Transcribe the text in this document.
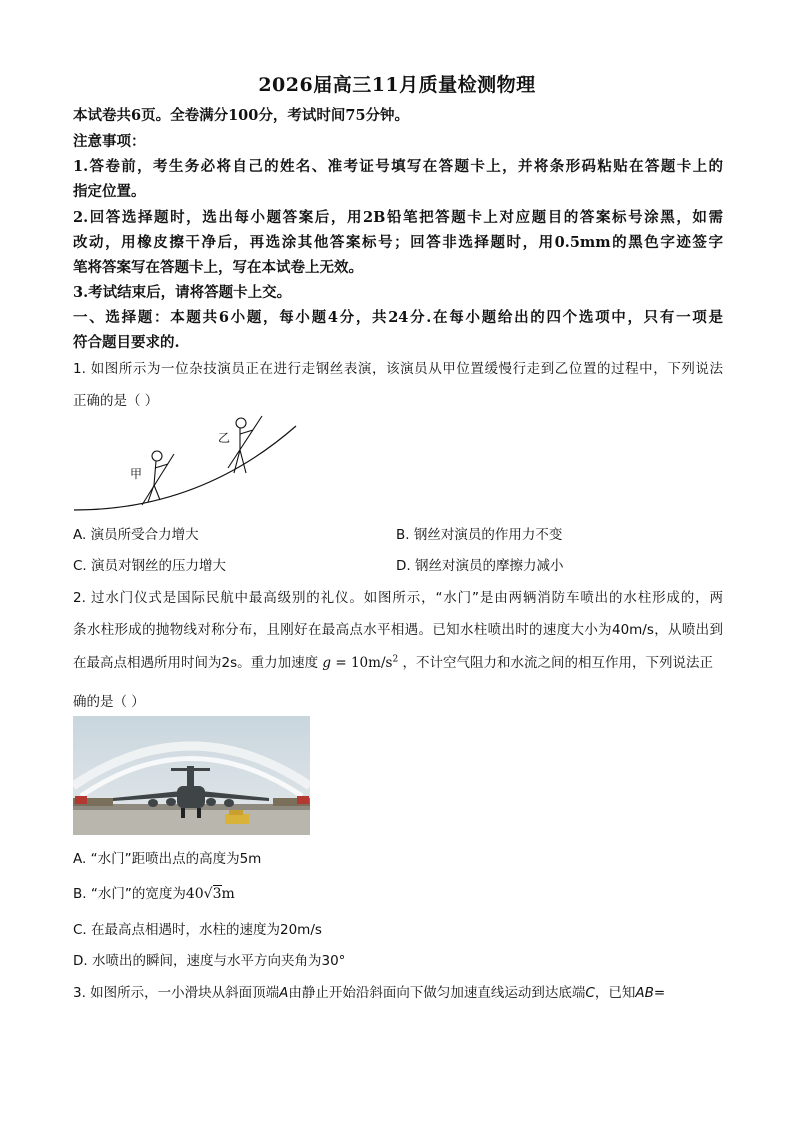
2026届高三11月质量检测物理
本试卷共6页。全卷满分100分，考试时间75分钟。
注意事项：
1.答卷前，考生务必将自己的姓名、准考证号填写在答题卡上，并将条形码粘贴在答题卡上的
指定位置。
2.回答选择题时，选出每小题答案后，用2B铅笔把答题卡上对应题目的答案标号涂黑，如需
改动，用橡皮擦干净后，再选涂其他答案标号；回答非选择题时，用0.5mm的黑色字迹签字
笔将答案写在答题卡上，写在本试卷上无效。
3.考试结束后，请将答题卡上交。
一、选择题：本题共6小题，每小题4分，共24分.在每小题给出的四个选项中，只有一项是
符合题目要求的.
1. 如图所示为一位杂技演员正在进行走钢丝表演，该演员从甲位置缓慢行走到乙位置的过程中，下列说法
正确的是（ ）
甲
乙
A. 演员所受合力增大	B. 钢丝对演员的作用力不变
C. 演员对钢丝的压力增大	D. 钢丝对演员的摩擦力减小
2. 过水门仪式是国际民航中最高级别的礼仪。如图所示，“水门”是由两辆消防车喷出的水柱形成的，两
条水柱形成的抛物线对称分布，且刚好在最高点水平相遇。已知水柱喷出时的速度大小为40m/s，从喷出到
在最高点相遇所用时间为2s。重力加速度 $g = 10m/s^2$ ，不计空气阻力和水流之间的相互作用，下列说法正
确的是（ ）
A. “水门”距喷出点的高度为5m
B. “水门”的宽度为40√3m
C. 在最高点相遇时，水柱的速度为20m/s
D. 水喷出的瞬间，速度与水平方向夹角为30°
3. 如图所示，一小滑块从斜面顶端A由静止开始沿斜面向下做匀加速直线运动到达底端C，已知AB=
